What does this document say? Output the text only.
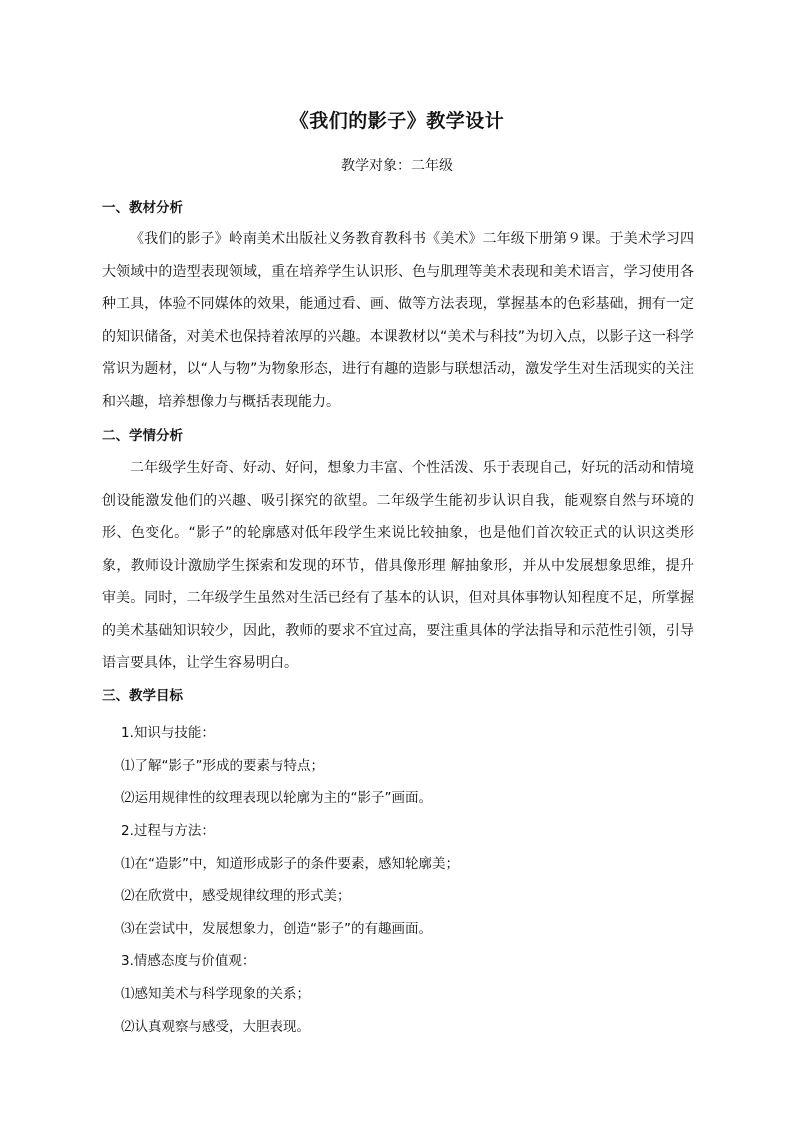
《我们的影子》教学设计
教学对象：二年级
一、教材分析

《我们的影子》岭南美术出版社义务教育教科书《美术》二年级下册第９课。于美术学习四大领域中的造型表现领域，重在培养学生认识形、色与肌理等美术表现和美术语言，学习使用各种工具，体验不同媒体的效果，能通过看、画、做等方法表现，掌握基本的色彩基础，拥有一定的知识储备，对美术也保持着浓厚的兴趣。本课教材以“美术与科技”为切入点，以影子这一科学常识为题材，以“人与物”为物象形态，进行有趣的造影与联想活动，激发学生对生活现实的关注和兴趣，培养想像力与概括表现能力。

二、学情分析

二年级学生好奇、好动、好问，想象力丰富、个性活泼、乐于表现自己，好玩的活动和情境创设能激发他们的兴趣、吸引探究的欲望。二年级学生能初步认识自我，能观察自然与环境的形、色变化。“影子”的轮廓感对低年段学生来说比较抽象，也是他们首次较正式的认识这类形象，教师设计激励学生探索和发现的环节，借具像形理 解抽象形，并从中发展想象思维，提升审美。同时，二年级学生虽然对生活已经有了基本的认识，但对具体事物认知程度不足，所掌握的美术基础知识较少，因此，教师的要求不宜过高，要注重具体的学法指导和示范性引领，引导语言要具体，让学生容易明白。

三、教学目标
1.知识与技能：
⑴了解“影子”形成的要素与特点；
⑵运用规律性的纹理表现以轮廓为主的“影子”画面。
2.过程与方法：
⑴在“造影”中，知道形成影子的条件要素，感知轮廓美；
⑵在欣赏中，感受规律纹理的形式美；
⑶在尝试中，发展想象力，创造“影子”的有趣画面。
3.情感态度与价值观：
⑴感知美术与科学现象的关系；
⑵认真观察与感受，大胆表现。
